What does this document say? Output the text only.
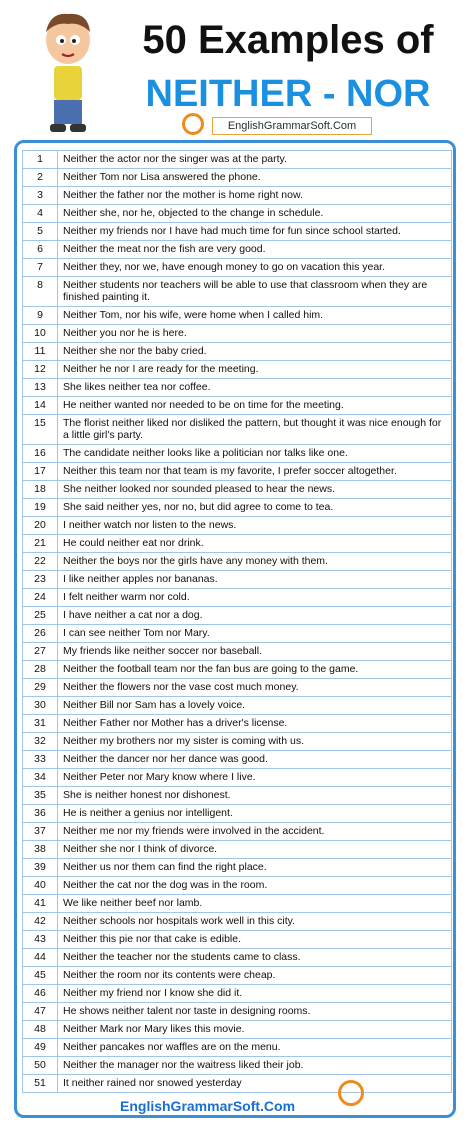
50 Examples of
NEITHER - NOR
EnglishGrammarSoft.Com
1	Neither the actor nor the singer was at the party.
2	Neither Tom nor Lisa answered the phone.
3	Neither the father nor the mother is home right now.
4	Neither she, nor he, objected to the change in schedule.
5	Neither my friends nor I have had much time for fun since school started.
6	Neither the meat nor the fish are very good.
7	Neither they, nor we, have enough money to go on vacation this year.
8	Neither students nor teachers will be able to use that classroom when they are finished painting it.
9	Neither Tom, nor his wife, were home when I called him.
10	Neither you nor he is here.
11	Neither she nor the baby cried.
12	Neither he nor I are ready for the meeting.
13	She likes neither tea nor coffee.
14	He neither wanted nor needed to be on time for the meeting.
15	The florist neither liked nor disliked the pattern, but thought it was nice enough for a little girl's party.
16	The candidate neither looks like a politician nor talks like one.
17	Neither this team nor that team is my favorite, I prefer soccer altogether.
18	She neither looked nor sounded pleased to hear the news.
19	She said neither yes, nor no, but did agree to come to tea.
20	I neither watch nor listen to the news.
21	He could neither eat nor drink.
22	Neither the boys nor the girls have any money with them.
23	I like neither apples nor bananas.
24	I felt neither warm nor cold.
25	I have neither a cat nor a dog.
26	I can see neither Tom nor Mary.
27	My friends like neither soccer nor baseball.
28	Neither the football team nor the fan bus are going to the game.
29	Neither the flowers nor the vase cost much money.
30	Neither Bill nor Sam has a lovely voice.
31	Neither Father nor Mother has a driver's license.
32	Neither my brothers nor my sister is coming with us.
33	Neither the dancer nor her dance was good.
34	Neither Peter nor Mary know where I live.
35	She is neither honest nor dishonest.
36	He is neither a genius nor intelligent.
37	Neither me nor my friends were involved in the accident.
38	Neither she nor I think of divorce.
39	Neither us nor them can find the right place.
40	Neither the cat nor the dog was in the room.
41	We like neither beef nor lamb.
42	Neither schools nor hospitals work well in this city.
43	Neither this pie nor that cake is edible.
44	Neither the teacher nor the students came to class.
45	Neither the room nor its contents were cheap.
46	Neither my friend nor I know she did it.
47	He shows neither talent nor taste in designing rooms.
48	Neither Mark nor Mary likes this movie.
49	Neither pancakes nor waffles are on the menu.
50	Neither the manager nor the waitress liked their job.
51	It neither rained nor snowed yesterday
EnglishGrammarSoft.Com
